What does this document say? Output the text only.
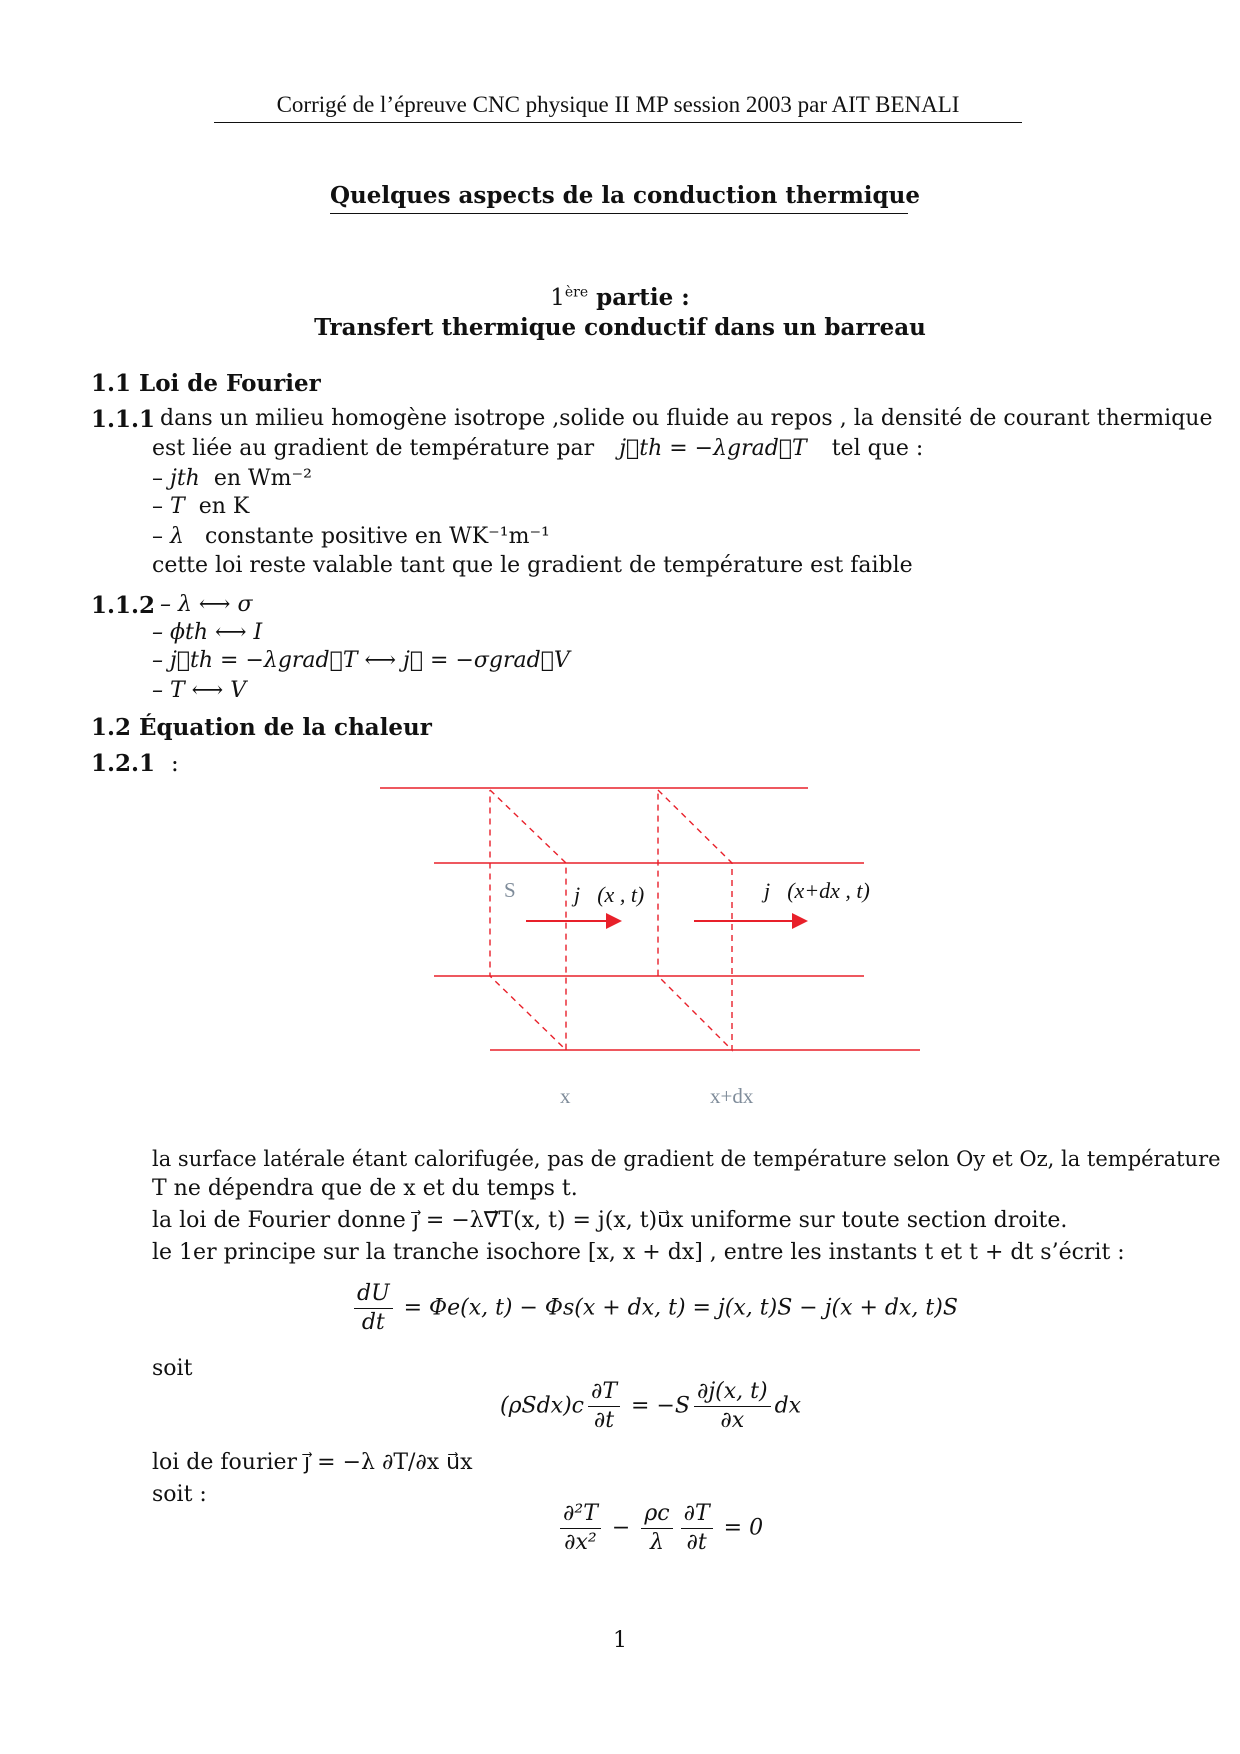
Corrigé de l’épreuve CNC physique II MP session 2003 par AIT BENALI
Quelques aspects de la conduction thermique
1ère partie :
Transfert thermique conductif dans un barreau
1.1 Loi de Fourier
1.1.1 dans un milieu homogène isotrope ,solide ou fluide au repos , la densité de courant thermique
est liée au gradient de température par j⃗th = −λgrad⃗T tel que :
– jth en Wm⁻²
– T en K
– λ constante positive en WK⁻¹m⁻¹
cette loi reste valable tant que le gradient de température est faible
1.1.2 – λ ⟷ σ
– ϕth ⟷ I
– j⃗th = −λgrad⃗T ⟷ j⃗ = −σgrad⃗V
– T ⟷ V
1.2 Équation de la chaleur
1.2.1 :
S	j⃗(x , t)	j⃗(x+dx , t)
x	x+dx
la surface latérale étant calorifugée, pas de gradient de température selon Oy et Oz, la température
T ne dépendra que de x et du temps t.
la loi de Fourier donne j⃗ = −λ∇⃗T(x, t) = j(x, t)u⃗x uniforme sur toute section droite.
le 1er principe sur la tranche isochore [x, x + dx] , entre les instants t et t + dt s’écrit :
$\frac{dU}{dt} = \Phi e(x$, t) − Φs(x + dx, t) = j(x, t)S − j(x + dx, t)S
soit
$(\rho Sdx)c \frac{\partial T}{\partial t} = -S \frac{\partial j(x, t)}{\partial x}$ dx
loi de fourier j⃗ = −λ ∂T/∂x u⃗x
soit :
$\frac{\text{∂²T}}{\text{∂x²}} - \frac{\rho c}{\lambda} \frac{\partial T}{\partial t} = 0$
1
